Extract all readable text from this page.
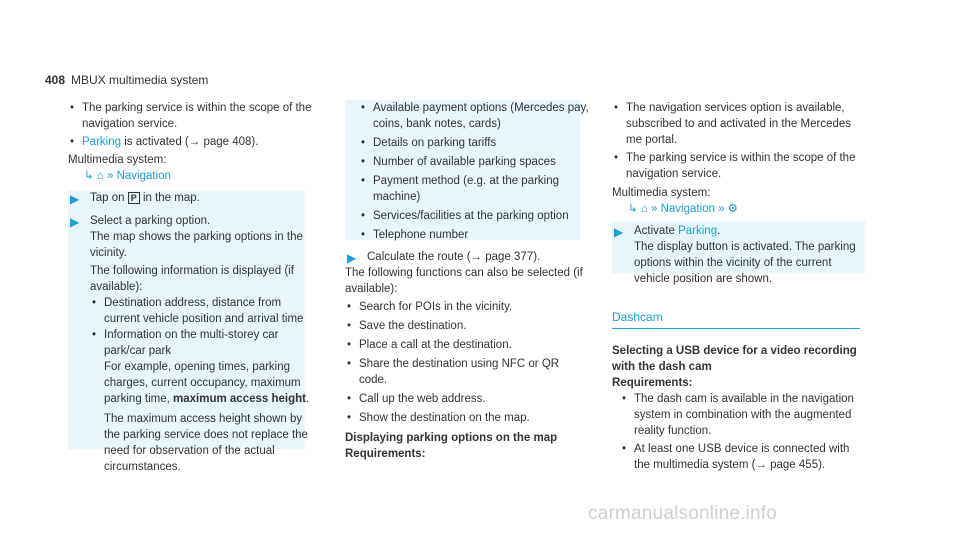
408 MBUX multimedia system

• The parking service is within the scope of the navigation service.

• Parking is activated (→ page 408).

Multimedia system:

↳ ⌂ » Navigation

▶ Tap on P in the map.

▶ Select a parking option.

The map shows the parking options in the vicinity.

The following information is displayed (if available):

• Destination address, distance from current vehicle position and arrival time

• Information on the multi-storey car park/car park

For example, opening times, parking charges, current occupancy, maximum parking time, maximum access height.

The maximum access height shown by the parking service does not replace the need for observation of the actual circumstances.

• Available payment options (Mercedes pay, coins, bank notes, cards)

• Details on parking tariffs

• Number of available parking spaces

• Payment method (e.g. at the parking machine)

• Services/facilities at the parking option

• Telephone number

▶ Calculate the route (→ page 377).

The following functions can also be selected (if available):

• Search for POIs in the vicinity.

• Save the destination.

• Place a call at the destination.

• Share the destination using NFC or QR code.

• Call up the web address.

• Show the destination on the map.

Displaying parking options on the map

Requirements:

• The navigation services option is available, subscribed to and activated in the Mercedes me portal.

• The parking service is within the scope of the navigation service.

Multimedia system:

↳ ⌂ » Navigation » ⚙

▶ Activate Parking.

The display button is activated. The parking options within the vicinity of the current vehicle position are shown.

Dashcam

Selecting a USB device for a video recording with the dash cam

Requirements:

• The dash cam is available in the navigation system in combination with the augmented reality function.

• At least one USB device is connected with the multimedia system (→ page 455).

carmanualsonline.info
